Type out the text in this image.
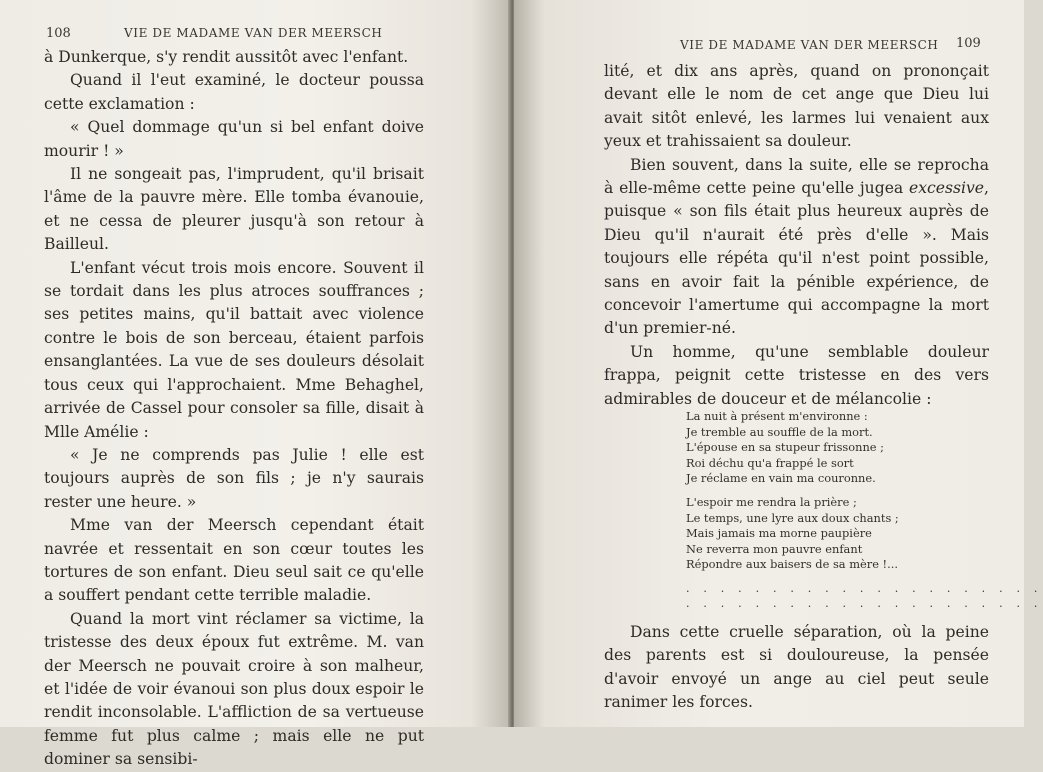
108	VIE DE MADAME VAN DER MEERSCH

à Dunkerque, s'y rendit aussitôt avec l'enfant.

Quand il l'eut examiné, le docteur poussa cette exclamation :

« Quel dommage qu'un si bel enfant doive mourir ! »

Il ne songeait pas, l'imprudent, qu'il brisait l'âme de la pauvre mère. Elle tomba évanouie, et ne cessa de pleurer jusqu'à son retour à Bailleul.

L'enfant vécut trois mois encore. Souvent il se tordait dans les plus atroces souffrances ; ses petites mains, qu'il battait avec violence contre le bois de son berceau, étaient parfois ensanglantées. La vue de ses douleurs désolait tous ceux qui l'approchaient. Mme Behaghel, arrivée de Cassel pour consoler sa fille, disait à Mlle Amélie :

« Je ne comprends pas Julie ! elle est toujours auprès de son fils ; je n'y saurais rester une heure. »

Mme van der Meersch cependant était navrée et ressentait en son cœur toutes les tortures de son enfant. Dieu seul sait ce qu'elle a souffert pendant cette terrible maladie.

Quand la mort vint réclamer sa victime, la tristesse des deux époux fut extrême. M. van der Meersch ne pouvait croire à son malheur, et l'idée de voir évanoui son plus doux espoir le rendit inconsolable. L'affliction de sa vertueuse femme fut plus calme ; mais elle ne put dominer sa sensibi-

VIE DE MADAME VAN DER MEERSCH 109

lité, et dix ans après, quand on prononçait devant elle le nom de cet ange que Dieu lui avait sitôt enlevé, les larmes lui venaient aux yeux et trahissaient sa douleur.

Bien souvent, dans la suite, elle se reprocha à elle-même cette peine qu'elle jugea excessive, puisque « son fils était plus heureux auprès de Dieu qu'il n'aurait été près d'elle ». Mais toujours elle répéta qu'il n'est point possible, sans en avoir fait la pénible expérience, de concevoir l'amertume qui accompagne la mort d'un premier-né.

Un homme, qu'une semblable douleur frappa, peignit cette tristesse en des vers admirables de douceur et de mélancolie :

La nuit à présent m'environne :
Je tremble au souffle de la mort.
L'épouse en sa stupeur frissonne ;
Roi déchu qu'a frappé le sort
Je réclame en vain ma couronne.
L'espoir me rendra la prière ;
Le temps, une lyre aux doux chants ;
Mais jamais ma morne paupière
Ne reverra mon pauvre enfant
Répondre aux baisers de sa mère !...
. . . . . . . . . . . . . . . . . . . . .
. . . . . . . . . . . . . . . . . . . . .

Dans cette cruelle séparation, où la peine des parents est si douloureuse, la pensée d'avoir envoyé un ange au ciel peut seule ranimer les forces.
